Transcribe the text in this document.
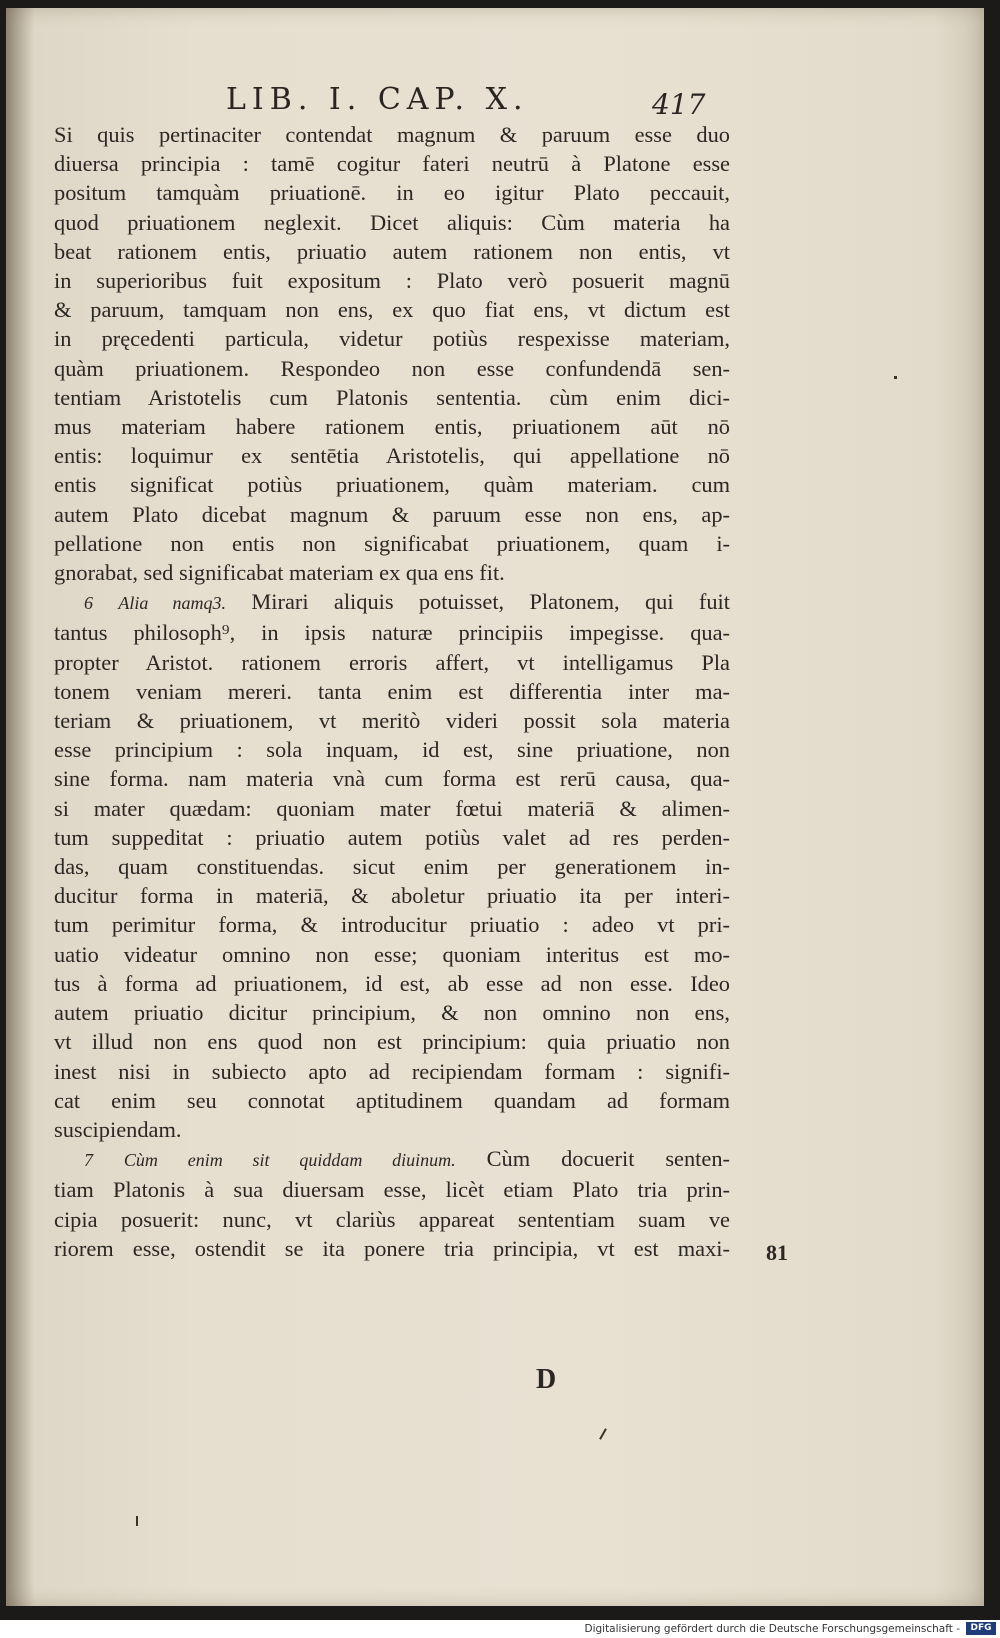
LIB. I. CAP. X.	417
Si quis pertinaciter contendat magnum & paruum esse duo
diuersa principia : tamē cogitur fateri neutrū à Platone esse
positum tamquàm priuationē. in eo igitur Plato peccauit,
quod priuationem neglexit. Dicet aliquis: Cùm materia ha
beat rationem entis, priuatio autem rationem non entis, vt
in superioribus fuit expositum : Plato verò posuerit magnū
& paruum, tamquam non ens, ex quo fiat ens, vt dictum est
in pręcedenti particula, videtur potiùs respexisse materiam,
quàm priuationem. Respondeo non esse confundendā sen-
tentiam Aristotelis cum Platonis sententia. cùm enim dici-
mus materiam habere rationem entis, priuationem aūt nō
entis: loquimur ex sentētia Aristotelis, qui appellatione nō
entis significat potiùs priuationem, quàm materiam. cum
autem Plato dicebat magnum & paruum esse non ens, ap-
pellatione non entis non significabat priuationem, quam i-
gnorabat, sed significabat materiam ex qua ens fit.
6 Alia namq3. Mirari aliquis potuisset, Platonem, qui fuit
tantus philosoph⁹, in ipsis naturæ principiis impegisse. qua-
propter Aristot. rationem erroris affert, vt intelligamus Pla
tonem veniam mereri. tanta enim est differentia inter ma-
teriam & priuationem, vt meritò videri possit sola materia
esse principium : sola inquam, id est, sine priuatione, non
sine forma. nam materia vnà cum forma est rerū causa, qua-
si mater quædam: quoniam mater fœtui materiā & alimen-
tum suppeditat : priuatio autem potiùs valet ad res perden-
das, quam constituendas. sicut enim per generationem in-
ducitur forma in materiā, & aboletur priuatio ita per interi-
tum perimitur forma, & introducitur priuatio : adeo vt pri-
uatio videatur omnino non esse; quoniam interitus est mo-
tus à forma ad priuationem, id est, ab esse ad non esse. Ideo
autem priuatio dicitur principium, & non omnino non ens,
vt illud non ens quod non est principium: quia priuatio non
inest nisi in subiecto apto ad recipiendam formam : signifi-
cat enim seu connotat aptitudinem quandam ad formam
suscipiendam.
7 Cùm enim sit quiddam diuinum. Cùm docuerit senten-
tiam Platonis à sua diuersam esse, licèt etiam Plato tria prin-
cipia posuerit: nunc, vt clariùs appareat sententiam suam ve
riorem esse, ostendit se ita ponere tria principia, vt est maxi- 81
D
Digitalisierung gefördert durch die Deutsche Forschungsgemeinschaft -	DFG
